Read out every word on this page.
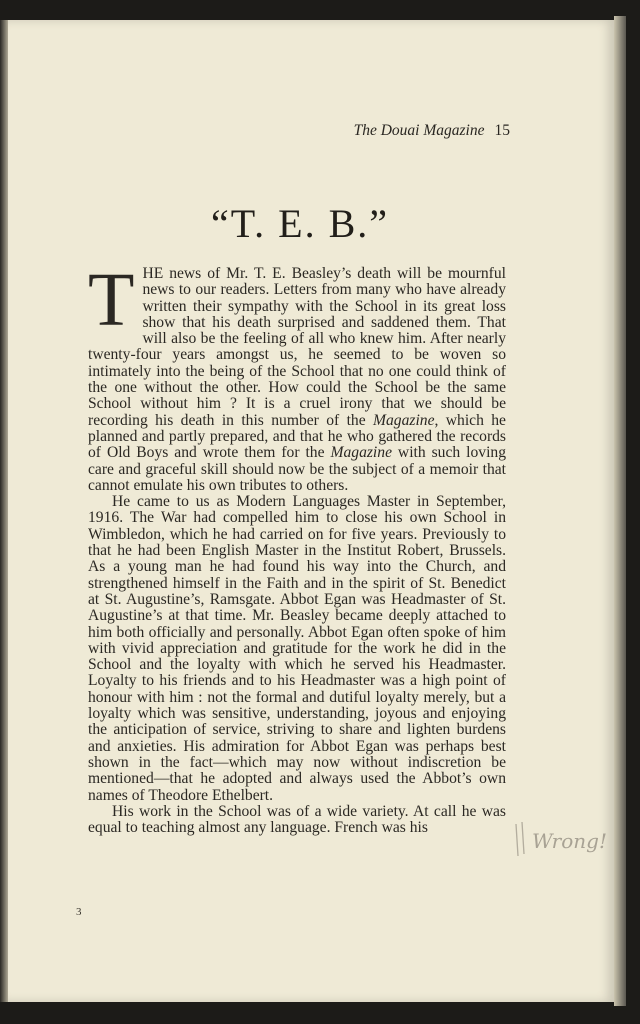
The Douai Magazine 15
“T. E. B.”

THE news of Mr. T. E. Beasley’s death will be mournful news to our readers. Letters from many who have already written their sympathy with the School in its great loss show that his death surprised and saddened them. That will also be the feeling of all who knew him. After nearly twenty-four years amongst us, he seemed to be woven so intimately into the being of the School that no one could think of the one without the other. How could the School be the same School without him ? It is a cruel irony that we should be recording his death in this number of the Magazine, which he planned and partly prepared, and that he who gathered the records of Old Boys and wrote them for the Magazine with such loving care and graceful skill should now be the subject of a memoir that cannot emulate his own tributes to others.

He came to us as Modern Languages Master in September, 1916. The War had compelled him to close his own School in Wimbledon, which he had carried on for five years. Previously to that he had been English Master in the Institut Robert, Brussels. As a young man he had found his way into the Church, and strengthened himself in the Faith and in the spirit of St. Benedict at St. Augustine’s, Ramsgate. Abbot Egan was Headmaster of St. Augustine’s at that time. Mr. Beasley became deeply attached to him both officially and personally. Abbot Egan often spoke of him with vivid appreciation and gratitude for the work he did in the School and the loyalty with which he served his Headmaster. Loyalty to his friends and to his Headmaster was a high point of honour with him : not the formal and dutiful loyalty merely, but a loyalty which was sensitive, understanding, joyous and enjoying the anticipation of service, striving to share and lighten burdens and anxieties. His admiration for Abbot Egan was perhaps best shown in the fact—which may now without indiscretion be mentioned—that he adopted and always used the Abbot’s own names of Theodore Ethelbert.

His work in the School was of a wide variety. At call he was equal to teaching almost any language. French was his

3
Wrong!
